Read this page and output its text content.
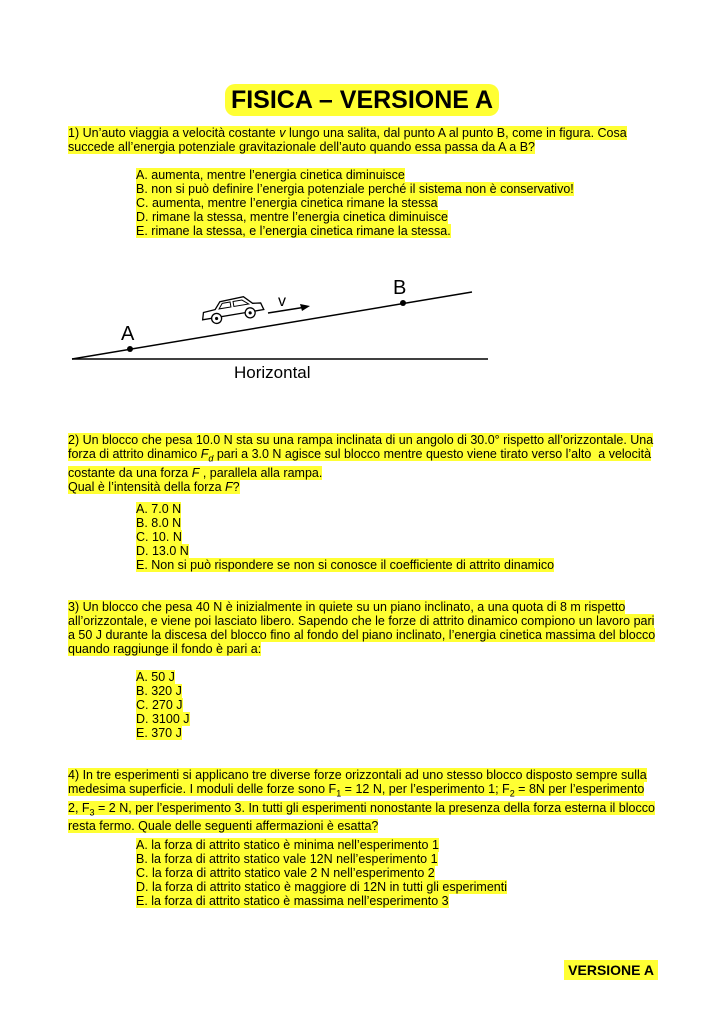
FISICA – VERSIONE A
1) Un’auto viaggia a velocità costante v lungo una salita, dal punto A al punto B, come in figura. Cosa succede all’energia potenziale gravitazionale dell’auto quando essa passa da A a B?
A. aumenta, mentre l’energia cinetica diminuisce
B. non si può definire l’energia potenziale perché il sistema non è conservativo!
C. aumenta, mentre l’energia cinetica rimane la stessa
D. rimane la stessa, mentre l’energia cinetica diminuisce
E. rimane la stessa, e l’energia cinetica rimane la stessa.
A
B
v
Horizontal
2) Un blocco che pesa 10.0 N sta su una rampa inclinata di un angolo di 30.0° rispetto all’orizzontale. Una forza di attrito dinamico $F_d$ pari a 3.0 N agisce sul blocco mentre questo viene tirato verso l’alto  a velocità costante da una forza F , parallela alla rampa.
Qual è l’intensità della forza F?
A. 7.0 N
B. 8.0 N
C. 10. N
D. 13.0 N
E. Non si può rispondere se non si conosce il coefficiente di attrito dinamico
3) Un blocco che pesa 40 N è inizialmente in quiete su un piano inclinato, a una quota di 8 m rispetto all’orizzontale, e viene poi lasciato libero. Sapendo che le forze di attrito dinamico compiono un lavoro pari a 50 J durante la discesa del blocco fino al fondo del piano inclinato, l’energia cinetica massima del blocco quando raggiunge il fondo è pari a:
A. 50 J
B. 320 J
C. 270 J
D. 3100 J
E. 370 J
4) In tre esperimenti si applicano tre diverse forze orizzontali ad uno stesso blocco disposto sempre sulla medesima superficie. I moduli delle forze sono $F_1 = 12$ N, per l’esperimento 1; $F_2 = 8N$ per l’esperimento 2, $F_3 = 2$ N, per l’esperimento 3. In tutti gli esperimenti nonostante la presenza della forza esterna il blocco resta fermo. Quale delle seguenti affermazioni è esatta?
A. la forza di attrito statico è minima nell’esperimento 1
B. la forza di attrito statico vale 12N nell’esperimento 1
C. la forza di attrito statico vale 2 N nell’esperimento 2
D. la forza di attrito statico è maggiore di 12N in tutti gli esperimenti
E. la forza di attrito statico è massima nell’esperimento 3
VERSIONE A
